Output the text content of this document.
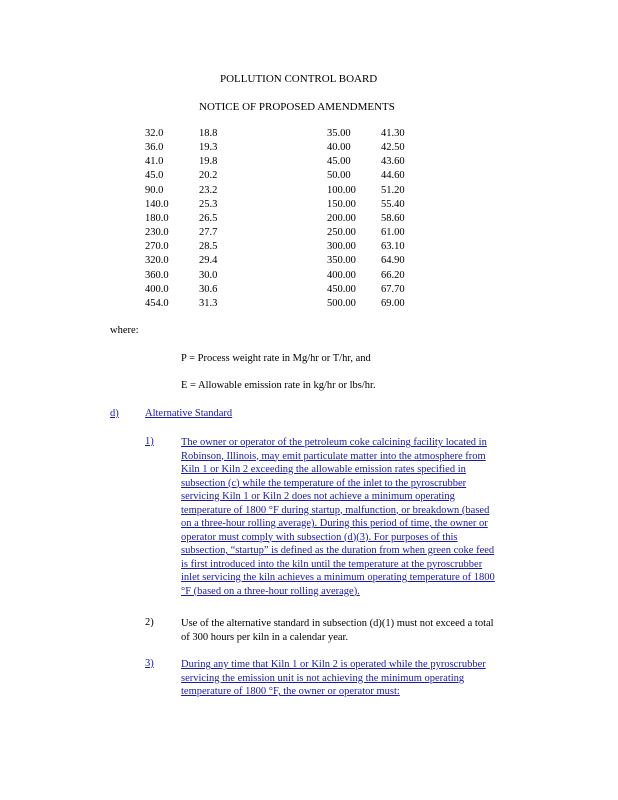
POLLUTION CONTROL BOARD
NOTICE OF PROPOSED AMENDMENTS
32.0	18.8	35.00	41.30
36.0	19.3	40.00	42.50
41.0	19.8	45.00	43.60
45.0	20.2	50.00	44.60
90.0	23.2	100.00 51.20
140.0	25.3	150.00 55.40
180.0	26.5	200.00 58.60
230.0	27.7	250.00 61.00
270.0	28.5	300.00 63.10
320.0	29.4	350.00 64.90
360.0	30.0	400.00 66.20
400.0	30.6	450.00 67.70
454.0	31.3	500.00 69.00
where:
P = Process weight rate in Mg/hr or T/hr, and
E = Allowable emission rate in kg/hr or lbs/hr.
d)	Alternative Standard
1)	The owner or operator of the petroleum coke calcining facility located in
Robinson, Illinois, may emit particulate matter into the atmosphere from
Kiln 1 or Kiln 2 exceeding the allowable emission rates specified in
subsection (c) while the temperature of the inlet to the pyroscrubber
servicing Kiln 1 or Kiln 2 does not achieve a minimum operating
temperature of 1800 °F during startup, malfunction, or breakdown (based
on a three-hour rolling average). During this period of time, the owner or
operator must comply with subsection (d)(3). For purposes of this
subsection, “startup” is defined as the duration from when green coke feed
is first introduced into the kiln until the temperature at the pyroscrubber
inlet servicing the kiln achieves a minimum operating temperature of 1800
°F (based on a three-hour rolling average).
2)	Use of the alternative standard in subsection (d)(1) must not exceed a total
of 300 hours per kiln in a calendar year.
3)	During any time that Kiln 1 or Kiln 2 is operated while the pyroscrubber
servicing the emission unit is not achieving the minimum operating
temperature of 1800 °F, the owner or operator must:
